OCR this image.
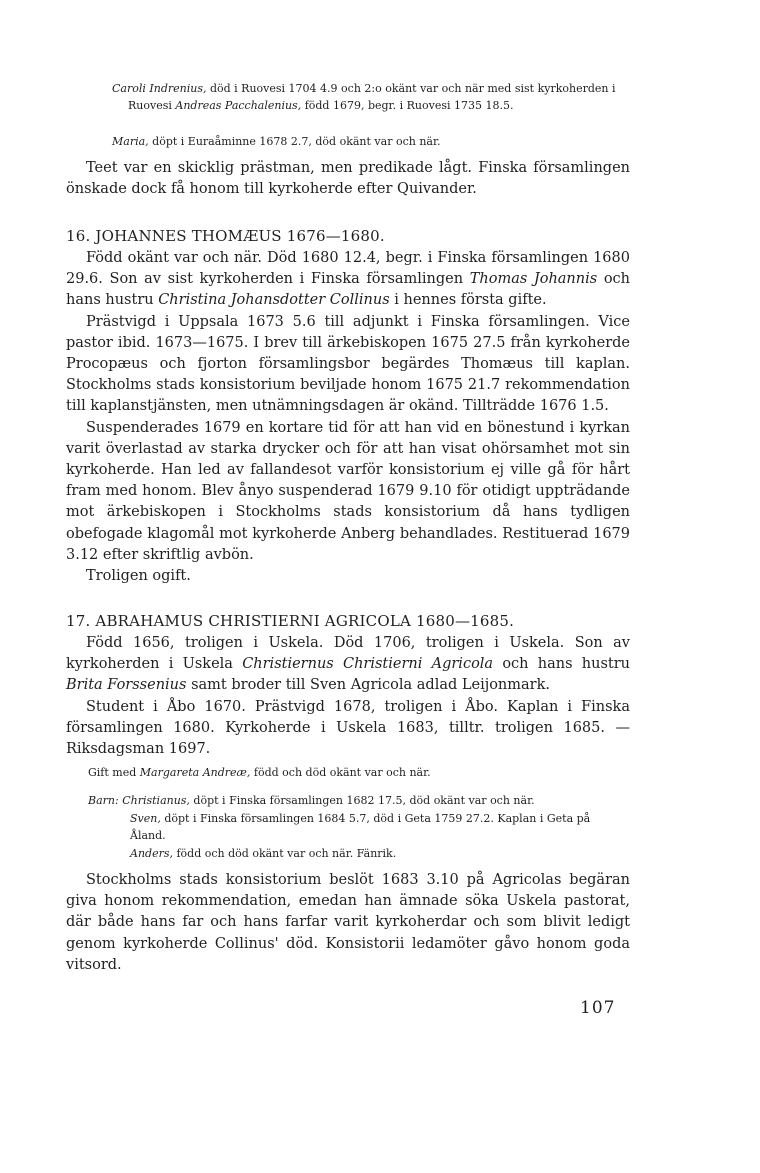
Caroli Indrenius, död i Ruovesi 1704 4.9 och 2:o okänt var och när med sist kyrkoherden i Ruovesi Andreas Pacchalenius, född 1679, begr. i Ruovesi 1735 18.5.
Maria, döpt i Euraåminne 1678 2.7, död okänt var och när.

Teet var en skicklig prästman, men predikade lågt. Finska församlingen önskade dock få honom till kyrkoherde efter Quivander.

16. JOHANNES THOMÆUS 1676—1680.

Född okänt var och när. Död 1680 12.4, begr. i Finska församlingen 1680 29.6. Son av sist kyrkoherden i Finska församlingen Thomas Johannis och hans hustru Christina Johansdotter Collinus i hennes första gifte.

Prästvigd i Uppsala 1673 5.6 till adjunkt i Finska församlingen. Vice pastor ibid. 1673—1675. I brev till ärkebiskopen 1675 27.5 från kyrkoherde Procopæus och fjorton församlingsbor begärdes Thomæus till kaplan. Stockholms stads konsistorium beviljade honom 1675 21.7 rekommendation till kaplanstjänsten, men utnämningsdagen är okänd. Tillträdde 1676 1.5.

Suspenderades 1679 en kortare tid för att han vid en bönestund i kyrkan varit överlastad av starka drycker och för att han visat ohörsamhet mot sin kyrkoherde. Han led av fallandesot varför konsistorium ej ville gå för hårt fram med honom. Blev ånyo suspenderad 1679 9.10 för otidigt uppträdande mot ärkebiskopen i Stockholms stads konsistorium då hans tydligen obefogade klagomål mot kyrkoherde Anberg behandlades. Restituerad 1679 3.12 efter skriftlig avbön.

Troligen ogift.

17. ABRAHAMUS CHRISTIERNI AGRICOLA 1680—1685.

Född 1656, troligen i Uskela. Död 1706, troligen i Uskela. Son av kyrkoherden i Uskela Christiernus Christierni Agricola och hans hustru Brita Forssenius samt broder till Sven Agricola adlad Leijonmark.

Student i Åbo 1670. Prästvigd 1678, troligen i Åbo. Kaplan i Finska församlingen 1680. Kyrkoherde i Uskela 1683, tilltr. troligen 1685. — Riksdagsman 1697.

Gift med Margareta Andreæ, född och död okänt var och när.

Barn: Christianus, döpt i Finska församlingen 1682 17.5, död okänt var och när.

Sven, döpt i Finska församlingen 1684 5.7, död i Geta 1759 27.2. Kaplan i Geta på Åland.

Anders, född och död okänt var och när. Fänrik.

Stockholms stads konsistorium beslöt 1683 3.10 på Agricolas begäran giva honom rekommendation, emedan han ämnade söka Uskela pastorat, där både hans far och hans farfar varit kyrkoherdar och som blivit ledigt genom kyrkoherde Collinus' död. Konsistorii ledamöter gåvo honom goda vitsord.

107
